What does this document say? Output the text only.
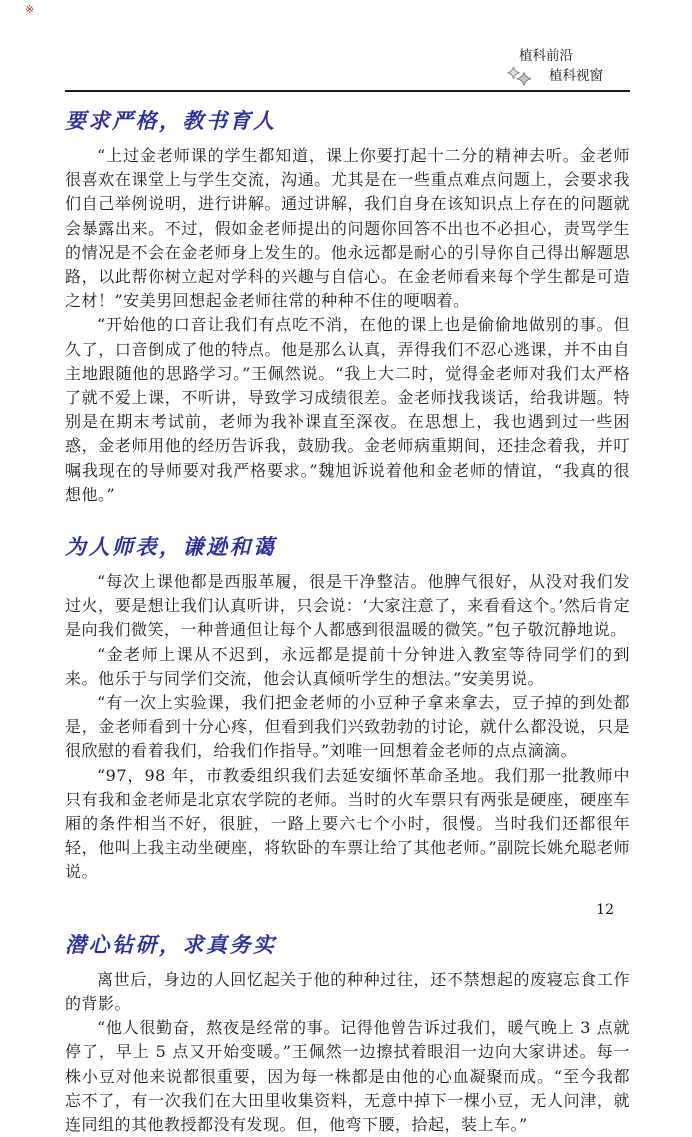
※
植科前沿
植科视窗
要求严格，教书育人

“上过金老师课的学生都知道，课上你要打起十二分的精神去听。金老师很喜欢在课堂上与学生交流，沟通。尤其是在一些重点难点问题上，会要求我们自己举例说明，进行讲解。通过讲解，我们自身在该知识点上存在的问题就会暴露出来。不过，假如金老师提出的问题你回答不出也不必担心，责骂学生的情况是不会在金老师身上发生的。他永远都是耐心的引导你自己得出解题思路，以此帮你树立起对学科的兴趣与自信心。在金老师看来每个学生都是可造之材！”安美男回想起金老师往常的种种不住的哽咽着。

“开始他的口音让我们有点吃不消，在他的课上也是偷偷地做别的事。但久了，口音倒成了他的特点。他是那么认真，弄得我们不忍心逃课，并不由自主地跟随他的思路学习。”王佩然说。“我上大二时，觉得金老师对我们太严格了就不爱上课，不听讲，导致学习成绩很差。金老师找我谈话，给我讲题。特别是在期末考试前，老师为我补课直至深夜。在思想上，我也遇到过一些困惑，金老师用他的经历告诉我，鼓励我。金老师病重期间，还挂念着我，并叮嘱我现在的导师要对我严格要求。”魏旭诉说着他和金老师的情谊，“我真的很想他。”

为人师表，谦逊和蔼

“每次上课他都是西服革履，很是干净整洁。他脾气很好，从没对我们发过火，要是想让我们认真听讲，只会说：‘大家注意了，来看看这个。’然后肯定是向我们微笑，一种普通但让每个人都感到很温暖的微笑。”包子敬沉静地说。

“金老师上课从不迟到，永远都是提前十分钟进入教室等待同学们的到来。他乐于与同学们交流，他会认真倾听学生的想法。”安美男说。

“有一次上实验课，我们把金老师的小豆种子拿来拿去，豆子掉的到处都是，金老师看到十分心疼，但看到我们兴致勃勃的讨论，就什么都没说，只是很欣慰的看着我们，给我们作指导。”刘唯一回想着金老师的点点滴滴。

“97，98 年，市教委组织我们去延安缅怀革命圣地。我们那一批教师中只有我和金老师是北京农学院的老师。当时的火车票只有两张是硬座，硬座车厢的条件相当不好，很脏，一路上要六七个小时，很慢。当时我们还都很年轻，他叫上我主动坐硬座，将软卧的车票让给了其他老师。”副院长姚允聪老师说。

潜心钻研，求真务实

离世后，身边的人回忆起关于他的种种过往，还不禁想起的废寝忘食工作的背影。

“他人很勤奋，熬夜是经常的事。记得他曾告诉过我们，暖气晚上 3 点就停了，早上 5 点又开始变暖。”王佩然一边擦拭着眼泪一边向大家讲述。每一株小豆对他来说都很重要，因为每一株都是由他的心血凝聚而成。“至今我都忘不了，有一次我们在大田里收集资料，无意中掉下一棵小豆，无人问津，就连同组的其他教授都没有发现。但，他弯下腰，拾起，装上车。”

12
